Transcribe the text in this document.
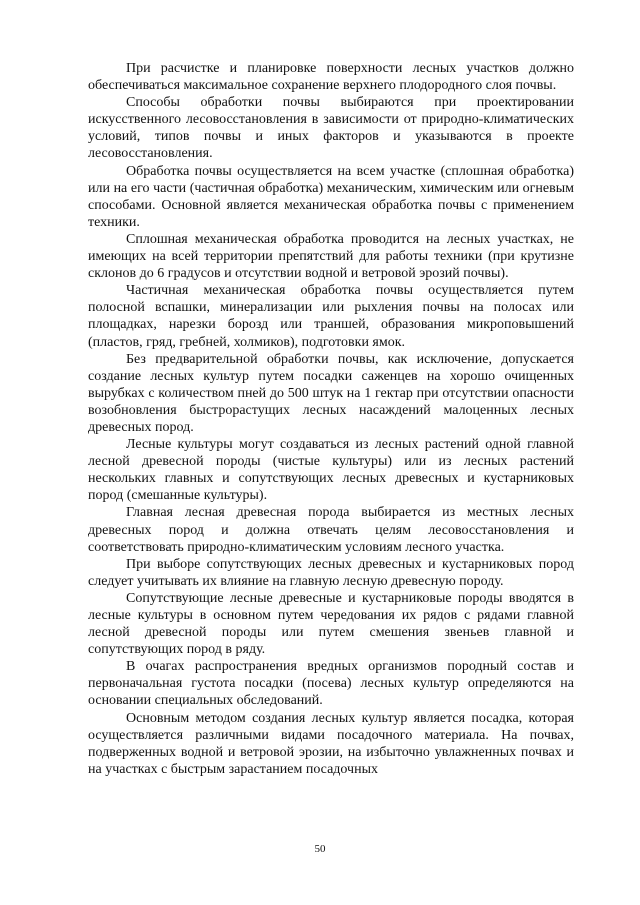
При расчистке и планировке поверхности лесных участков должно обеспечиваться максимальное сохранение верхнего плодородного слоя почвы.

Способы обработки почвы выбираются при проектировании искусственного лесовосстановления в зависимости от природно-климатических условий, типов почвы и иных факторов и указываются в проекте лесовосстановления.

Обработка почвы осуществляется на всем участке (сплошная обработка) или на его части (частичная обработка) механическим, химическим или огневым способами. Основной является механическая обработка почвы с применением техники.

Сплошная механическая обработка проводится на лесных участках, не имеющих на всей территории препятствий для работы техники (при крутизне склонов до 6 градусов и отсутствии водной и ветровой эрозий почвы).

Частичная механическая обработка почвы осуществляется путем полосной вспашки, минерализации или рыхления почвы на полосах или площадках, нарезки борозд или траншей, образования микроповышений (пластов, гряд, гребней, холмиков), подготовки ямок.

Без предварительной обработки почвы, как исключение, допускается создание лесных культур путем посадки саженцев на хорошо очищенных вырубках с количеством пней до 500 штук на 1 гектар при отсутствии опасности возобновления быстрорастущих лесных насаждений малоценных лесных древесных пород.

Лесные культуры могут создаваться из лесных растений одной главной лесной древесной породы (чистые культуры) или из лесных растений нескольких главных и сопутствующих лесных древесных и кустарниковых пород (смешанные культуры).

Главная лесная древесная порода выбирается из местных лесных древесных пород и должна отвечать целям лесовосстановления и соответствовать природно-климатическим условиям лесного участка.

При выборе сопутствующих лесных древесных и кустарниковых пород следует учитывать их влияние на главную лесную древесную породу.

Сопутствующие лесные древесные и кустарниковые породы вводятся в лесные культуры в основном путем чередования их рядов с рядами главной лесной древесной породы или путем смешения звеньев главной и сопутствующих пород в ряду.

В очагах распространения вредных организмов породный состав и первоначальная густота посадки (посева) лесных культур определяются на основании специальных обследований.

Основным методом создания лесных культур является посадка, которая осуществляется различными видами посадочного материала. На почвах, подверженных водной и ветровой эрозии, на избыточно увлажненных почвах и на участках с быстрым зарастанием посадочных

50
